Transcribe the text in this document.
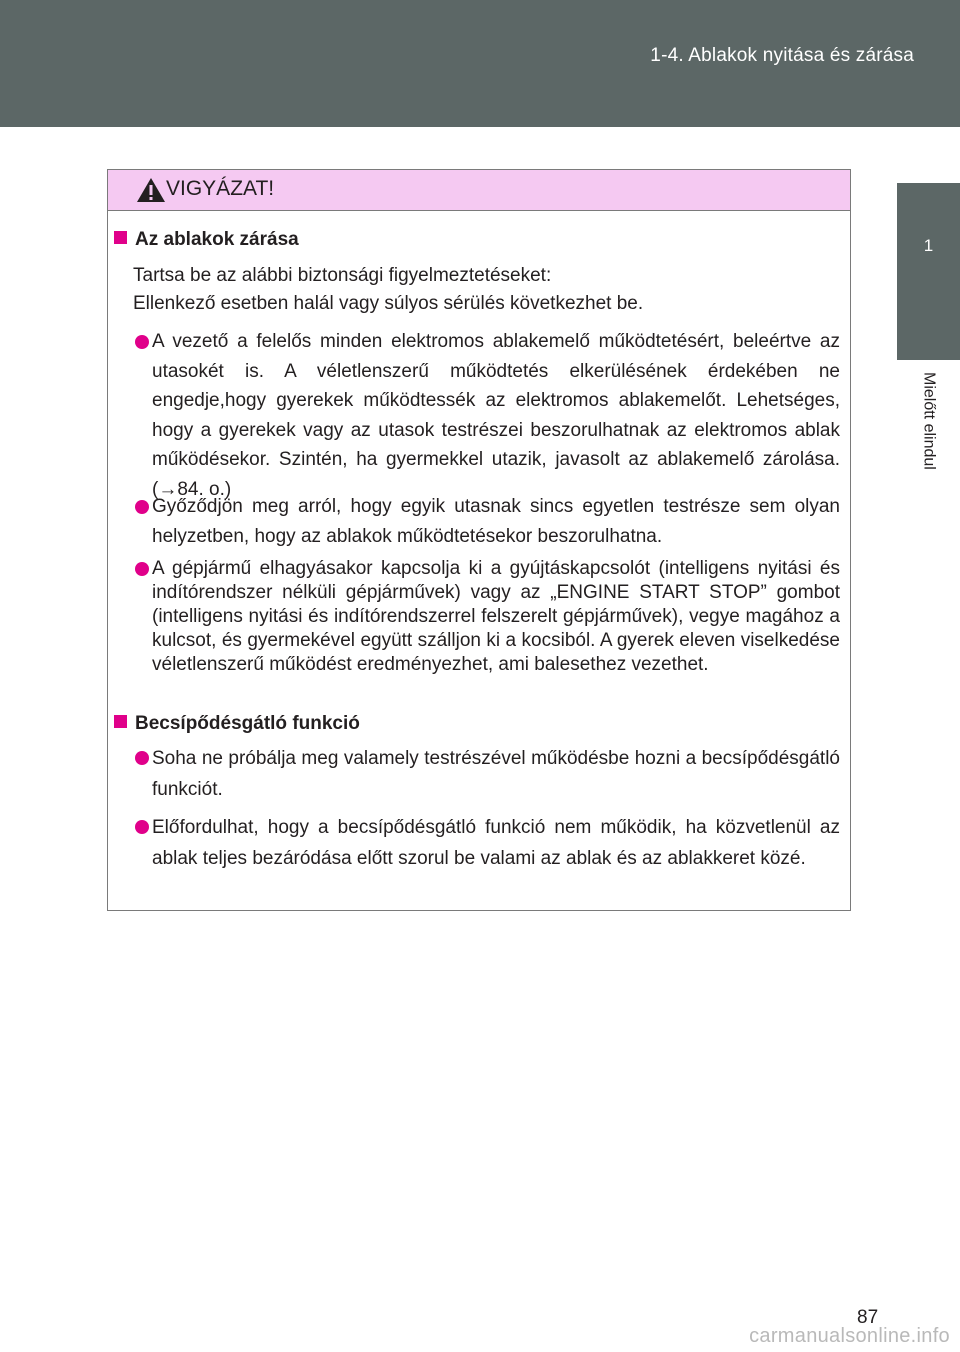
1-4. Ablakok nyitása és zárása
1
Mielőtt elindul
VIGYÁZAT!
Az ablakok zárása
Tartsa be az alábbi biztonsági figyelmeztetéseket:
Ellenkező esetben halál vagy súlyos sérülés következhet be.
A vezető a felelős minden elektromos ablakemelő működtetésért, beleértve az utasokét is. A véletlenszerű működtetés elkerülésének érdekében ne engedje,hogy gyerekek működtessék az elektromos ablakemelőt. Lehetséges, hogy a gyerekek vagy az utasok testrészei beszorulhatnak az elektromos ablak működésekor. Szintén, ha gyermekkel utazik, javasolt az ablakemelő zárolása. (→84. o.)
Győződjön meg arról, hogy egyik utasnak sincs egyetlen testrésze sem olyan helyzetben, hogy az ablakok működtetésekor beszorulhatna.
A gépjármű elhagyásakor kapcsolja ki a gyújtáskapcsolót (intelligens nyitási és indítórendszer nélküli gépjárművek) vagy az „ENGINE START STOP” gombot (intelligens nyitási és indítórendszerrel felszerelt gépjárművek), vegye magához a kulcsot, és gyermekével együtt szálljon ki a kocsiból. A gyerek eleven viselkedése véletlenszerű működést eredményezhet, ami balesethez vezethet.
Becsípődésgátló funkció
Soha ne próbálja meg valamely testrészével működésbe hozni a becsípődésgátló funkciót.
Előfordulhat, hogy a becsípődésgátló funkció nem működik, ha közvetlenül az ablak teljes bezáródása előtt szorul be valami az ablak és az ablakkeret közé.
87
carmanualsonline.info
